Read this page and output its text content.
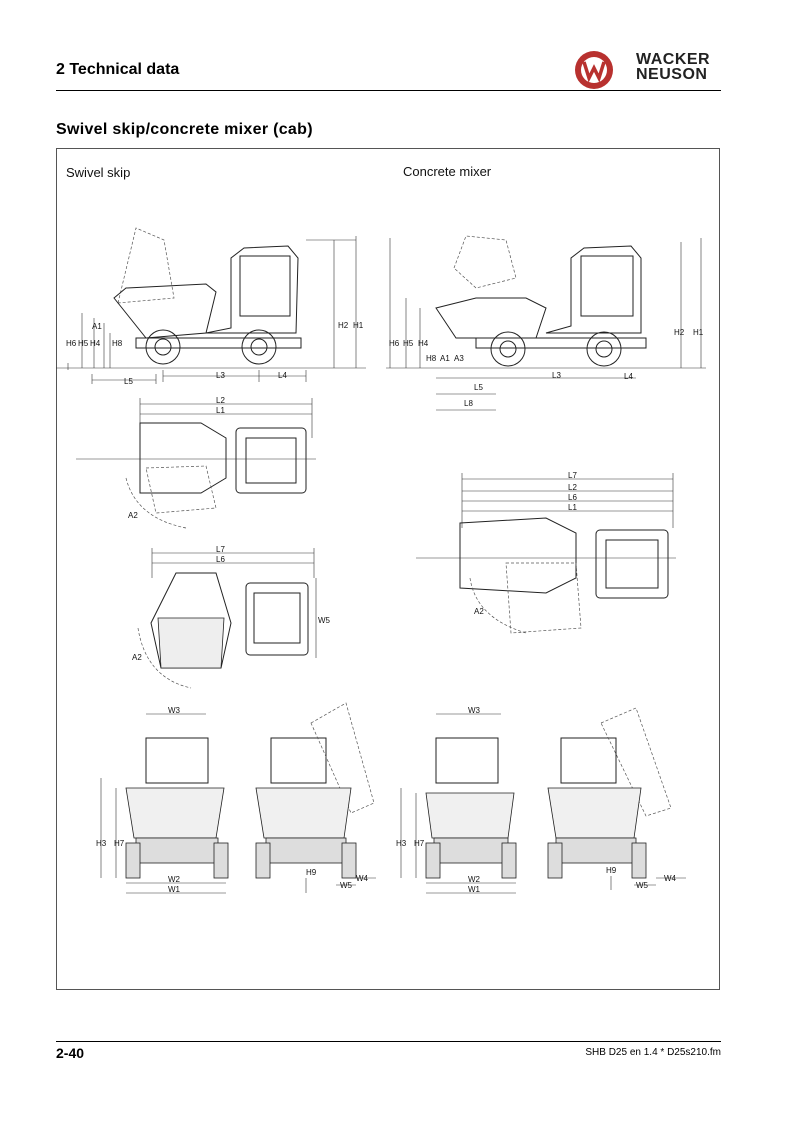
2 Technical data
WACKER
NEUSON
Swivel skip/concrete mixer (cab)
Swivel skip	Concrete mixer
A1
H6 H5 H4 H8
H2 H1
L5
L3	L4
L2
L1
A2
L7
L6
W5
A2
H6 H5 H4
H8 A1 A3
H2 H1
L3	L4
L5
L8
L7
L2
L6
L1
A2
W3
H3 H7
W2
W1
H9
W5
W4
W3
H3 H7
W2
W1
H9
W5
W4
2-40	SHB D25 en 1.4 * D25s210.fm
